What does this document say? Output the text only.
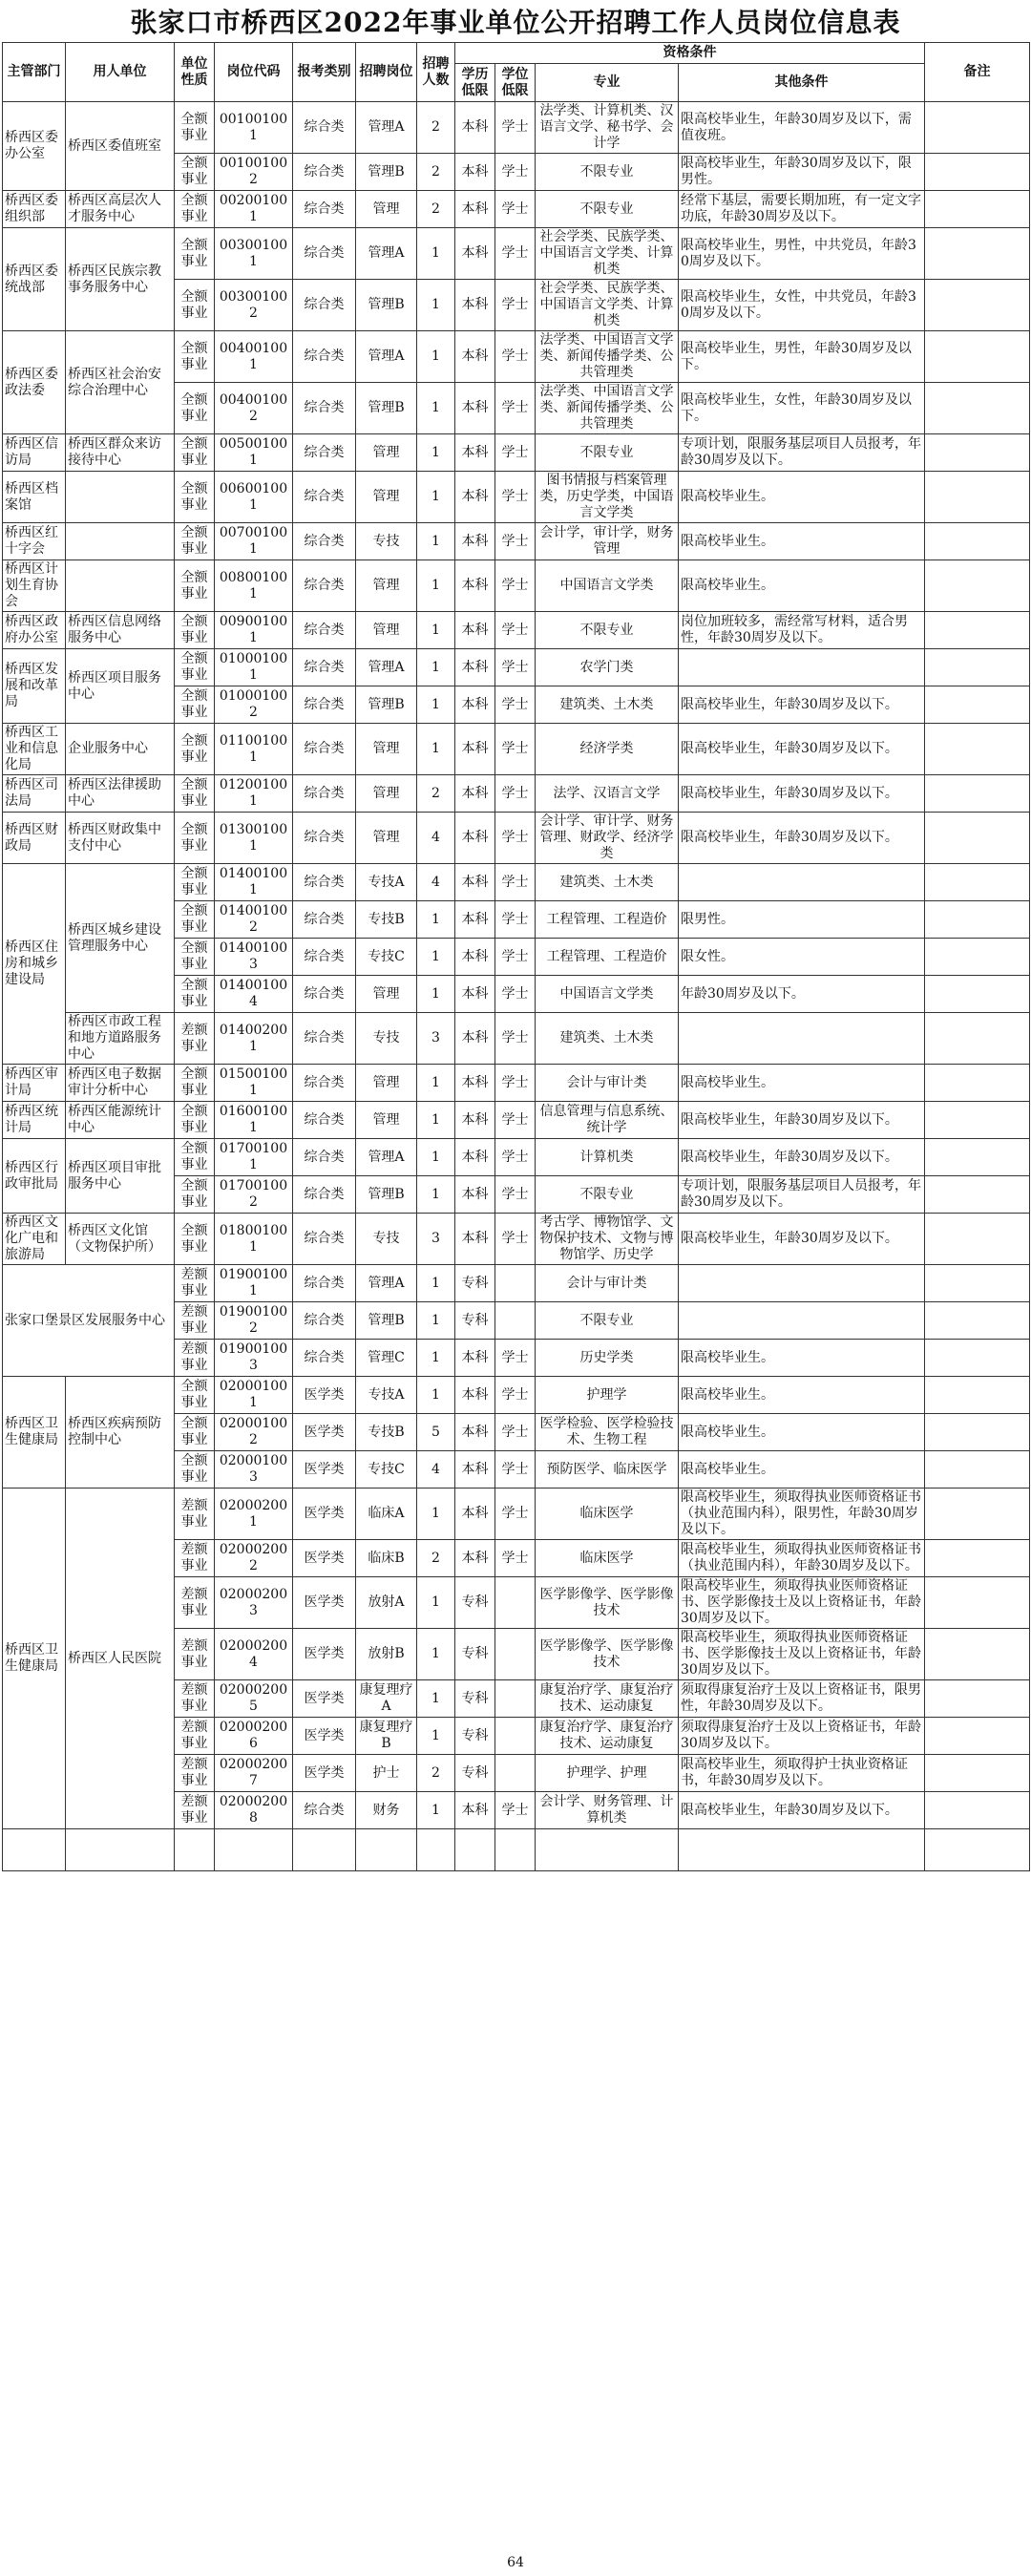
张家口市桥西区2022年事业单位公开招聘工作人员岗位信息表
主管部门	用人单位	单位性质	岗位代码	报考类别	招聘岗位	招聘人数	资格条件				备注
							学历低限	学位低限	专业	其他条件	
桥西区委办公室	桥西区委值班室	全额事业	001001001	综合类	管理A	2	本科	学士	法学类、计算机类、汉语言文学、秘书学、会计学	限高校毕业生，年龄30周岁及以下，需值夜班。	
		全额事业	001001002	综合类	管理B	2	本科	学士	不限专业	限高校毕业生，年龄30周岁及以下，限男性。	
桥西区委组织部	桥西区高层次人才服务中心	全额事业	002001001	综合类	管理	2	本科	学士	不限专业	经常下基层，需要长期加班，有一定文字功底，年龄30周岁及以下。	
桥西区委统战部	桥西区民族宗教事务服务中心	全额事业	003001001	综合类	管理A	1	本科	学士	社会学类、民族学类、中国语言文学类、计算机类	限高校毕业生，男性，中共党员，年龄30周岁及以下。	
		全额事业	003001002	综合类	管理B	1	本科	学士	社会学类、民族学类、中国语言文学类、计算机类	限高校毕业生，女性，中共党员，年龄30周岁及以下。	
桥西区委政法委	桥西区社会治安综合治理中心	全额事业	004001001	综合类	管理A	1	本科	学士	法学类、中国语言文学类、新闻传播学类、公共管理类	限高校毕业生，男性，年龄30周岁及以下。	
		全额事业	004001002	综合类	管理B	1	本科	学士	法学类、中国语言文学类、新闻传播学类、公共管理类	限高校毕业生，女性，年龄30周岁及以下。	
桥西区信访局	桥西区群众来访接待中心	全额事业	005001001	综合类	管理	1	本科	学士	不限专业	专项计划，限服务基层项目人员报考，年龄30周岁及以下。	
桥西区档案馆		全额事业	006001001	综合类	管理	1	本科	学士	图书情报与档案管理类，历史学类，中国语言文学类	限高校毕业生。	
桥西区红十字会		全额事业	007001001	综合类	专技	1	本科	学士	会计学，审计学，财务管理	限高校毕业生。	
桥西区计划生育协会		全额事业	008001001	综合类	管理	1	本科	学士	中国语言文学类	限高校毕业生。	
桥西区政府办公室	桥西区信息网络服务中心	全额事业	009001001	综合类	管理	1	本科	学士	不限专业	岗位加班较多，需经常写材料，适合男性，年龄30周岁及以下。	
桥西区发展和改革局	桥西区项目服务中心	全额事业	010001001	综合类	管理A	1	本科	学士	农学门类		
		全额事业	010001002	综合类	管理B	1	本科	学士	建筑类、土木类	限高校毕业生，年龄30周岁及以下。	
桥西区工业和信息化局	企业服务中心	全额事业	011001001	综合类	管理	1	本科	学士	经济学类	限高校毕业生，年龄30周岁及以下。	
桥西区司法局	桥西区法律援助中心	全额事业	012001001	综合类	管理	2	本科	学士	法学、汉语言文学	限高校毕业生，年龄30周岁及以下。	
桥西区财政局	桥西区财政集中支付中心	全额事业	013001001	综合类	管理	4	本科	学士	会计学、审计学、财务管理、财政学、经济学类	限高校毕业生，年龄30周岁及以下。	
桥西区住房和城乡建设局	桥西区城乡建设管理服务中心	全额事业	014001001	综合类	专技A	4	本科	学士	建筑类、土木类		
		全额事业	014001002	综合类	专技B	1	本科	学士	工程管理、工程造价	限男性。	
		全额事业	014001003	综合类	专技C	1	本科	学士	工程管理、工程造价	限女性。	
		全额事业	014001004	综合类	管理	1	本科	学士	中国语言文学类	年龄30周岁及以下。	
	桥西区市政工程和地方道路服务中心	差额事业	014002001	综合类	专技	3	本科	学士	建筑类、土木类		
桥西区审计局	桥西区电子数据审计分析中心	全额事业	015001001	综合类	管理	1	本科	学士	会计与审计类	限高校毕业生。	
桥西区统计局	桥西区能源统计中心	全额事业	016001001	综合类	管理	1	本科	学士	信息管理与信息系统、统计学	限高校毕业生，年龄30周岁及以下。	
桥西区行政审批局	桥西区项目审批服务中心	全额事业	017001001	综合类	管理A	1	本科	学士	计算机类	限高校毕业生，年龄30周岁及以下。	
		全额事业	017001002	综合类	管理B	1	本科	学士	不限专业	专项计划，限服务基层项目人员报考，年龄30周岁及以下。	
桥西区文化广电和旅游局	桥西区文化馆（文物保护所）	全额事业	018001001	综合类	专技	3	本科	学士	考古学、博物馆学、文物保护技术、文物与博物馆学、历史学	限高校毕业生，年龄30周岁及以下。	
张家口堡景区发展服务中心		差额事业	019001001	综合类	管理A	1	专科		会计与审计类		
		差额事业	019001002	综合类	管理B	1	专科		不限专业		
		差额事业	019001003	综合类	管理C	1	本科	学士	历史学类	限高校毕业生。	
桥西区卫生健康局	桥西区疾病预防控制中心	全额事业	020001001	医学类	专技A	1	本科	学士	护理学	限高校毕业生。	
		全额事业	020001002	医学类	专技B	5	本科	学士	医学检验、医学检验技术、生物工程	限高校毕业生。	
		全额事业	020001003	医学类	专技C	4	本科	学士	预防医学、临床医学	限高校毕业生。	
桥西区卫生健康局	桥西区人民医院	差额事业	020002001	医学类	临床A	1	本科	学士	临床医学	限高校毕业生，须取得执业医师资格证书（执业范围内科），限男性，年龄30周岁及以下。	
		差额事业	020002002	医学类	临床B	2	本科	学士	临床医学	限高校毕业生，须取得执业医师资格证书（执业范围内科），年龄30周岁及以下。	
		差额事业	020002003	医学类	放射A	1	专科		医学影像学、医学影像技术	限高校毕业生，须取得执业医师资格证书、医学影像技士及以上资格证书，年龄30周岁及以下。	
		差额事业	020002004	医学类	放射B	1	专科		医学影像学、医学影像技术	限高校毕业生，须取得执业医师资格证书、医学影像技士及以上资格证书，年龄30周岁及以下。	
		差额事业	020002005	医学类	康复理疗A	1	专科		康复治疗学、康复治疗技术、运动康复	须取得康复治疗士及以上资格证书，限男性，年龄30周岁及以下。	
		差额事业	020002006	医学类	康复理疗B	1	专科		康复治疗学、康复治疗技术、运动康复	须取得康复治疗士及以上资格证书，年龄30周岁及以下。	
		差额事业	020002007	医学类	护士	2	专科		护理学、护理	限高校毕业生，须取得护士执业资格证书，年龄30周岁及以下。	
		差额事业	020002008	综合类	财务	1	本科	学士	会计学、财务管理、计算机类	限高校毕业生，年龄30周岁及以下。	

64
